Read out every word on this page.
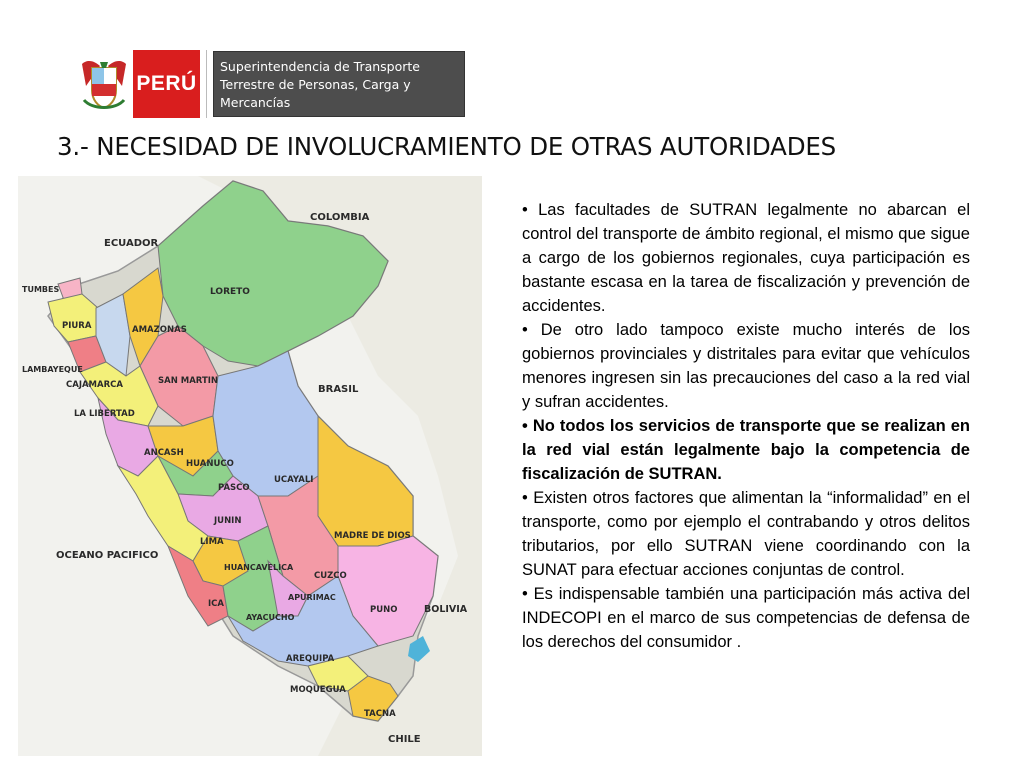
PERÚ
Superintendencia de Transporte
Terrestre de Personas, Carga y
Mercancías
3.- NECESIDAD DE INVOLUCRAMIENTO DE OTRAS AUTORIDADES
COLOMBIA
ECUADOR
BRASIL
BOLIVIA
CHILE
OCEANO PACIFICO
TUMBES
PIURA
LAMBAYEQUE
CAJAMARCA
LA LIBERTAD
AMAZONAS
LORETO
SAN MARTIN
ANCASH
HUANUCO
UCAYALI
PASCO
JUNIN
LIMA
HUANCAVELICA
MADRE DE DIOS
CUZCO
ICA
APURIMAC
AYACUCHO
PUNO
AREQUIPA
MOQUEGUA
TACNA
• Las facultades de SUTRAN legalmente no abarcan el control del transporte de ámbito regional, el mismo que sigue a cargo de los gobiernos regionales, cuya participación es bastante escasa en la tarea de fiscalización y prevención de accidentes.
• De otro lado tampoco existe mucho interés de los gobiernos provinciales y distritales para evitar que vehículos menores ingresen sin las precauciones del caso a la red vial y sufran accidentes.
• No todos los servicios de transporte que se realizan en la red vial están legalmente bajo la competencia de fiscalización de SUTRAN.
• Existen otros factores que alimentan la “informalidad” en el transporte, como por ejemplo el contrabando y otros delitos tributarios, por ello SUTRAN viene coordinando con la SUNAT para efectuar acciones conjuntas de control.
• Es indispensable también una participación más activa del INDECOPI en el marco de sus competencias de defensa de los derechos del consumidor .
